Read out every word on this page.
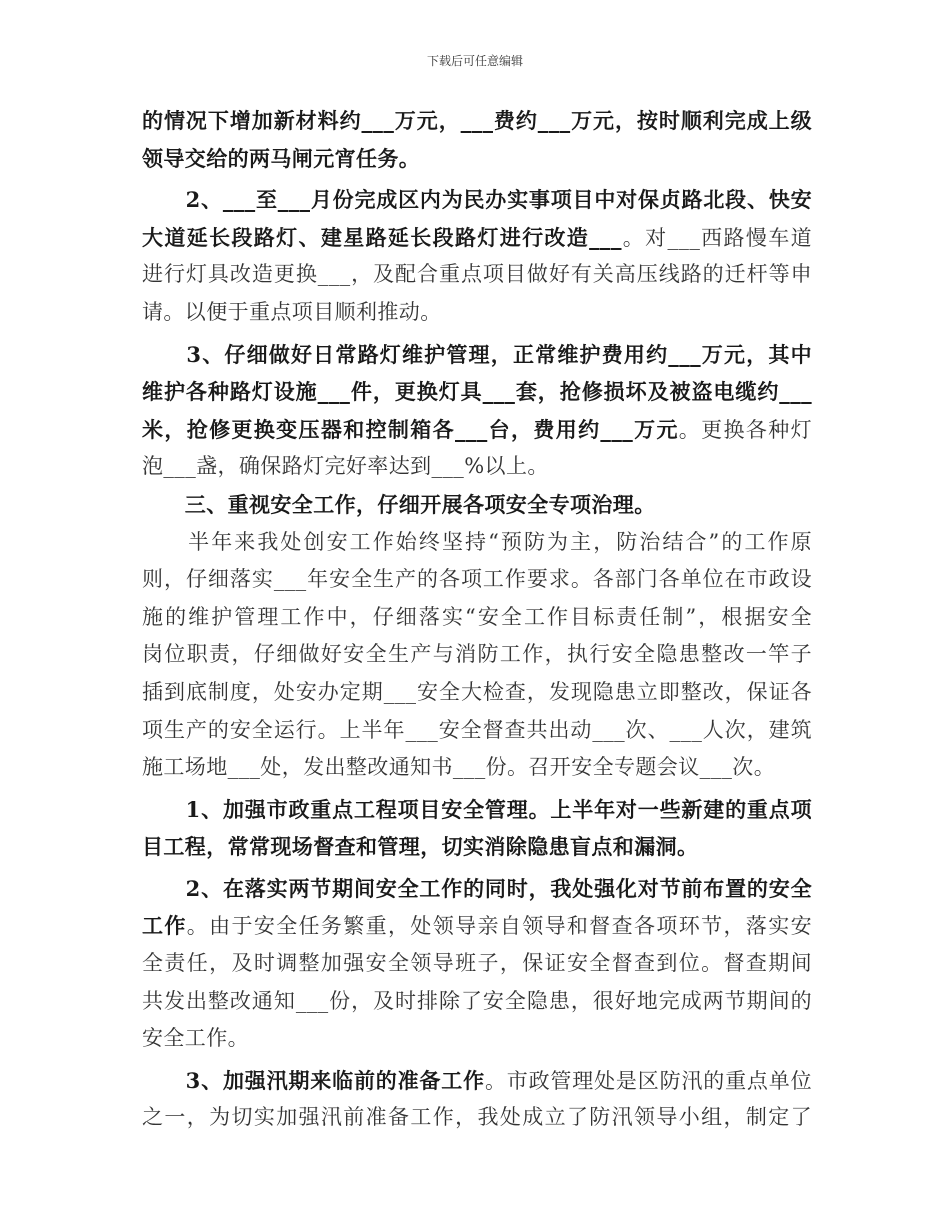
下载后可任意编辑
的情况下增加新材料约___万元，___费约___万元，按时顺利完成上级
领导交给的两马闸元宵任务。
　　2、___至___月份完成区内为民办实事项目中对保贞路北段、快安
大道延长段路灯、建星路延长段路灯进行改造___。对___西路慢车道
进行灯具改造更换___，及配合重点项目做好有关高压线路的迁杆等申
请。以便于重点项目顺利推动。
　　3、仔细做好日常路灯维护管理，正常维护费用约___万元，其中
维护各种路灯设施___件，更换灯具___套，抢修损坏及被盗电缆约___
米，抢修更换变压器和控制箱各___台，费用约___万元。更换各种灯
泡___盏，确保路灯完好率达到___%以上。
　　三、重视安全工作，仔细开展各项安全专项治理。
　　半年来我处创安工作始终坚持“预防为主，防治结合”的工作原
则，仔细落实___年安全生产的各项工作要求。各部门各单位在市政设
施的维护管理工作中，仔细落实“安全工作目标责任制”，根据安全
岗位职责，仔细做好安全生产与消防工作，执行安全隐患整改一竿子
插到底制度，处安办定期___安全大检查，发现隐患立即整改，保证各
项生产的安全运行。上半年___安全督查共出动___次、___人次，建筑
施工场地___处，发出整改通知书___份。召开安全专题会议___次。
　　1、加强市政重点工程项目安全管理。上半年对一些新建的重点项
目工程，常常现场督查和管理，切实消除隐患盲点和漏洞。
　　2、在落实两节期间安全工作的同时，我处强化对节前布置的安全
工作。由于安全任务繁重，处领导亲自领导和督查各项环节，落实安
全责任，及时调整加强安全领导班子，保证安全督查到位。督查期间
共发出整改通知___份，及时排除了安全隐患，很好地完成两节期间的
安全工作。
　　3、加强汛期来临前的准备工作。市政管理处是区防汛的重点单位
之一，为切实加强汛前准备工作，我处成立了防汛领导小组，制定了
